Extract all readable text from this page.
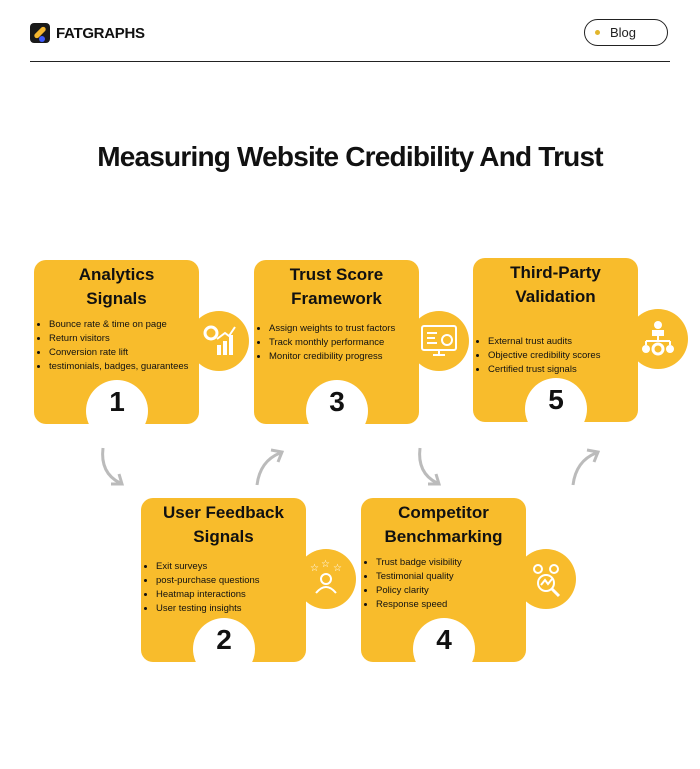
FATGRAPHS	Blog
Measuring Website Credibility And Trust
Analytics Signals
• Bounce rate & time on page
• Return visitors
• Conversion rate lift
• testimonials, badges, guarantees
1
☆ ☆ ☆
User Feedback Signals
• Exit surveys
• post-purchase questions
• Heatmap interactions
• User testing insights
2
Trust Score Framework
• Assign weights to trust factors
• Track monthly performance
• Monitor credibility progress
3
Competitor Benchmarking
• Trust badge visibility
• Testimonial quality
• Policy clarity
• Response speed
4
Third-Party Validation
• External trust audits
• Objective credibility scores
• Certified trust signals
5
